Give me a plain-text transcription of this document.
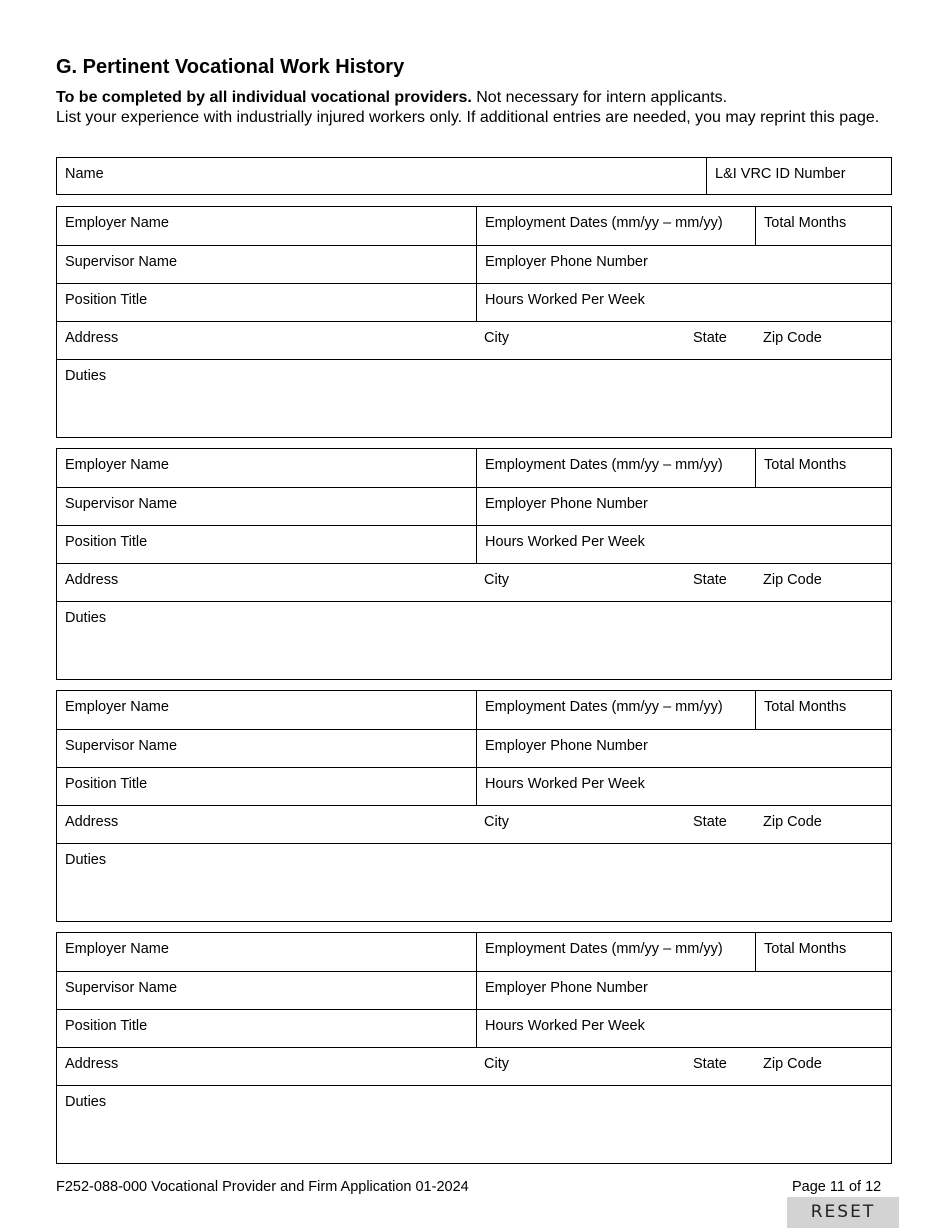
G. Pertinent Vocational Work History
To be completed by all individual vocational providers. Not necessary for intern applicants.
List your experience with industrially injured workers only. If additional entries are needed, you may reprint this page.
Name	L&I VRC ID Number
Employer Name	Employment Dates (mm/yy – mm/yy)	Total Months
Supervisor Name	Employer Phone Number
Position Title	Hours Worked Per Week
Address	City	State Zip Code
Duties
Employer Name	Employment Dates (mm/yy – mm/yy)	Total Months
Supervisor Name	Employer Phone Number
Position Title	Hours Worked Per Week
Address	City	State Zip Code
Duties
Employer Name	Employment Dates (mm/yy – mm/yy)	Total Months
Supervisor Name	Employer Phone Number
Position Title	Hours Worked Per Week
Address	City	State Zip Code
Duties
Employer Name	Employment Dates (mm/yy – mm/yy)	Total Months
Supervisor Name	Employer Phone Number
Position Title	Hours Worked Per Week
Address	City	State Zip Code
Duties
F252-088-000 Vocational Provider and Firm Application 01-2024	Page 11 of 12
RESET
